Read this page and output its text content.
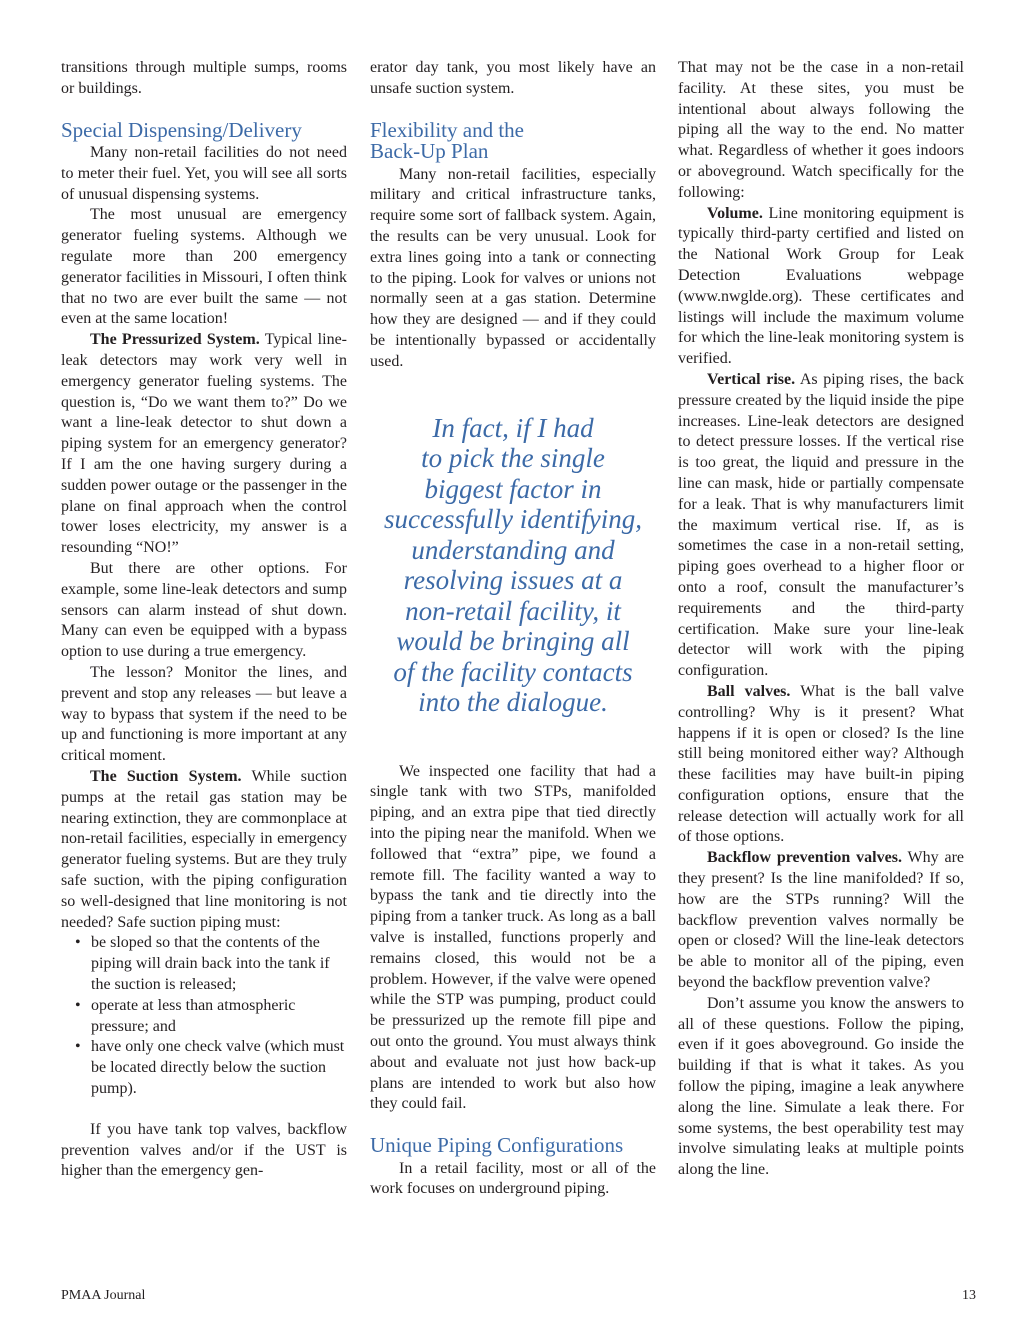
transitions through multiple sumps, rooms or buildings.

Special Dispensing/Delivery

Many non-retail facilities do not need to meter their fuel. Yet, you will see all sorts of unusual dispensing systems.

The most unusual are emergency generator fueling systems. Although we regulate more than 200 emergency generator facilities in Missouri, I often think that no two are ever built the same — not even at the same location!

The Pressurized System. Typical line-leak detectors may work very well in emergency generator fueling systems. The question is, “Do we want them to?” Do we want a line-leak detector to shut down a piping system for an emergency generator? If I am the one having surgery during a sudden power outage or the passenger in the plane on final approach when the control tower loses electricity, my answer is a resounding “NO!”

But there are other options. For example, some line-leak detectors and sump sensors can alarm instead of shut down. Many can even be equipped with a bypass option to use during a true emergency.

The lesson? Monitor the lines, and prevent and stop any releases — but leave a way to bypass that system if the need to be up and functioning is more important at any critical moment.

The Suction System. While suction pumps at the retail gas station may be nearing extinction, they are commonplace at non-retail facilities, especially in emergency generator fueling systems. But are they truly safe suction, with the piping configuration so well-designed that line monitoring is not needed? Safe suction piping must:

• be sloped so that the contents of the piping will drain back into the tank if the suction is released;
• operate at less than atmospheric pressure; and
• have only one check valve (which must be located directly below the suction pump).

If you have tank top valves, backflow prevention valves and/or if the UST is higher than the emergency gen-

erator day tank, you most likely have an unsafe suction system.

Flexibility and the
Back-Up Plan

Many non-retail facilities, especially military and critical infrastructure tanks, require some sort of fallback system. Again, the results can be very unusual. Look for extra lines going into a tank or connecting to the piping. Look for valves or unions not normally seen at a gas station. Determine how they are designed — and if they could be intentionally bypassed or accidentally used.

In fact, if I had
to pick the single
biggest factor in
successfully identifying,
understanding and
resolving issues at a
non-retail facility, it
would be bringing all
of the facility contacts
into the dialogue.

We inspected one facility that had a single tank with two STPs, manifolded piping, and an extra pipe that tied directly into the piping near the manifold. When we followed that “extra” pipe, we found a remote fill. The facility wanted a way to bypass the tank and tie directly into the piping from a tanker truck. As long as a ball valve is installed, functions properly and remains closed, this would not be a problem. However, if the valve were opened while the STP was pumping, product could be pressurized up the remote fill pipe and out onto the ground. You must always think about and evaluate not just how back-up plans are intended to work but also how they could fail.

Unique Piping Configurations

In a retail facility, most or all of the work focuses on underground piping.

That may not be the case in a non-retail facility. At these sites, you must be intentional about always following the piping all the way to the end. No matter what. Regardless of whether it goes indoors or aboveground. Watch specifically for the following:

Volume. Line monitoring equipment is typically third-party certified and listed on the National Work Group for Leak Detection Evaluations webpage (www.nwglde.org). These certificates and listings will include the maximum volume for which the line-leak monitoring system is verified.

Vertical rise. As piping rises, the back pressure created by the liquid inside the pipe increases. Line-leak detectors are designed to detect pressure losses. If the vertical rise is too great, the liquid and pressure in the line can mask, hide or partially compensate for a leak. That is why manufacturers limit the maximum vertical rise. If, as is sometimes the case in a non-retail setting, piping goes overhead to a higher floor or onto a roof, consult the manufacturer’s requirements and the third-party certification. Make sure your line-leak detector will work with the piping configuration.

Ball valves. What is the ball valve controlling? Why is it present? What happens if it is open or closed? Is the line still being monitored either way? Although these facilities may have built-in piping configuration options, ensure that the release detection will actually work for all of those options.

Backflow prevention valves. Why are they present? Is the line manifolded? If so, how are the STPs running? Will the backflow prevention valves normally be open or closed? Will the line-leak detectors be able to monitor all of the piping, even beyond the backflow prevention valve?

Don’t assume you know the answers to all of these questions. Follow the piping, even if it goes aboveground. Go inside the building if that is what it takes. As you follow the piping, imagine a leak anywhere along the line. Simulate a leak there. For some systems, the best operability test may involve simulating leaks at multiple points along the line.

PMAA Journal	13
